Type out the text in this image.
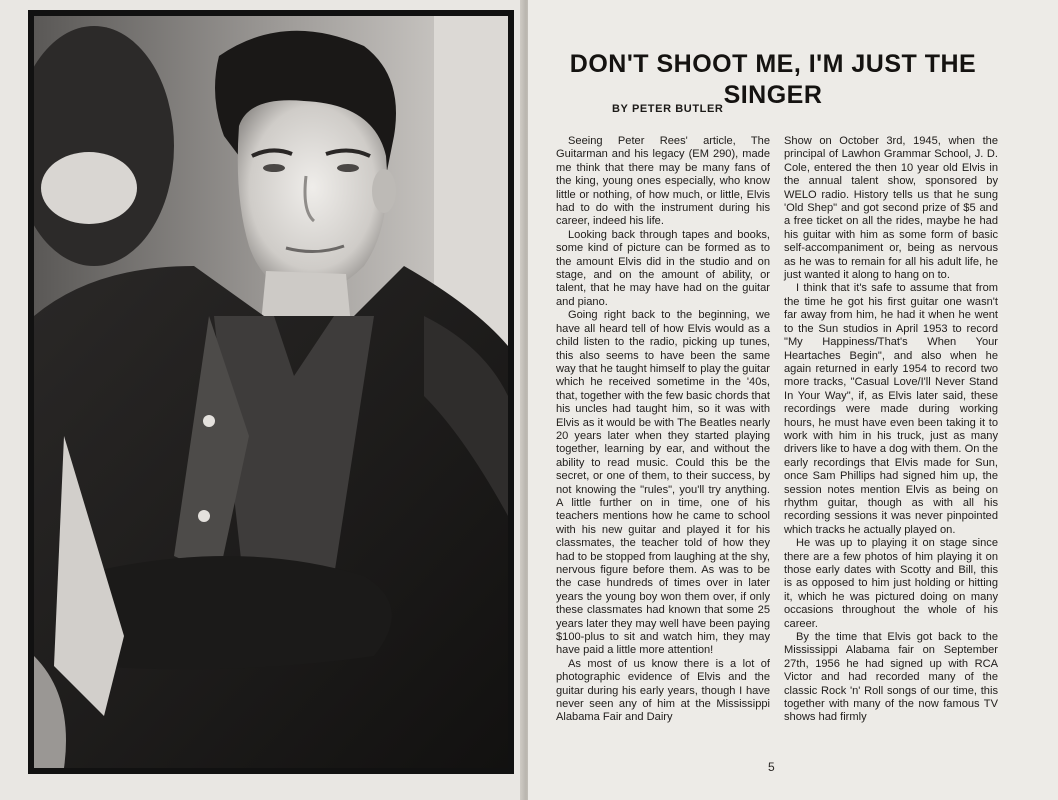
DON'T SHOOT ME, I'M JUST THE SINGER
BY PETER BUTLER

Seeing Peter Rees' article, The Guitarman and his legacy (EM 290), made me think that there may be many fans of the king, young ones especially, who know little or nothing, of how much, or little, Elvis had to do with the instrument during his career, indeed his life.

Looking back through tapes and books, some kind of picture can be formed as to the amount Elvis did in the studio and on stage, and on the amount of ability, or talent, that he may have had on the guitar and piano.

Going right back to the beginning, we have all heard tell of how Elvis would as a child listen to the radio, picking up tunes, this also seems to have been the same way that he taught himself to play the guitar which he received sometime in the '40s, that, together with the few basic chords that his uncles had taught him, so it was with Elvis as it would be with The Beatles nearly 20 years later when they started playing together, learning by ear, and without the ability to read music. Could this be the secret, or one of them, to their success, by not knowing the "rules", you'll try anything. A little further on in time, one of his teachers mentions how he came to school with his new guitar and played it for his classmates, the teacher told of how they had to be stopped from laughing at the shy, nervous figure before them. As was to be the case hundreds of times over in later years the young boy won them over, if only these classmates had known that some 25 years later they may well have been paying $100-plus to sit and watch him, they may have paid a little more attention!

As most of us know there is a lot of photographic evidence of Elvis and the guitar during his early years, though I have never seen any of him at the Mississippi Alabama Fair and Dairy

Show on October 3rd, 1945, when the principal of Lawhon Grammar School, J. D. Cole, entered the then 10 year old Elvis in the annual talent show, sponsored by WELO radio. History tells us that he sung 'Old Shep" and got second prize of $5 and a free ticket on all the rides, maybe he had his guitar with him as some form of basic self-accompaniment or, being as nervous as he was to remain for all his adult life, he just wanted it along to hang on to.

I think that it's safe to assume that from the time he got his first guitar one wasn't far away from him, he had it when he went to the Sun studios in April 1953 to record "My Happiness/That's When Your Heartaches Begin", and also when he again returned in early 1954 to record two more tracks, "Casual Love/I'll Never Stand In Your Way", if, as Elvis later said, these recordings were made during working hours, he must have even been taking it to work with him in his truck, just as many drivers like to have a dog with them. On the early recordings that Elvis made for Sun, once Sam Phillips had signed him up, the session notes mention Elvis as being on rhythm guitar, though as with all his recording sessions it was never pinpointed which tracks he actually played on.

He was up to playing it on stage since there are a few photos of him playing it on those early dates with Scotty and Bill, this is as opposed to him just holding or hitting it, which he was pictured doing on many occasions throughout the whole of his career.

By the time that Elvis got back to the Mississippi Alabama fair on September 27th, 1956 he had signed up with RCA Victor and had recorded many of the classic Rock 'n' Roll songs of our time, this together with many of the now famous TV shows had firmly

5
